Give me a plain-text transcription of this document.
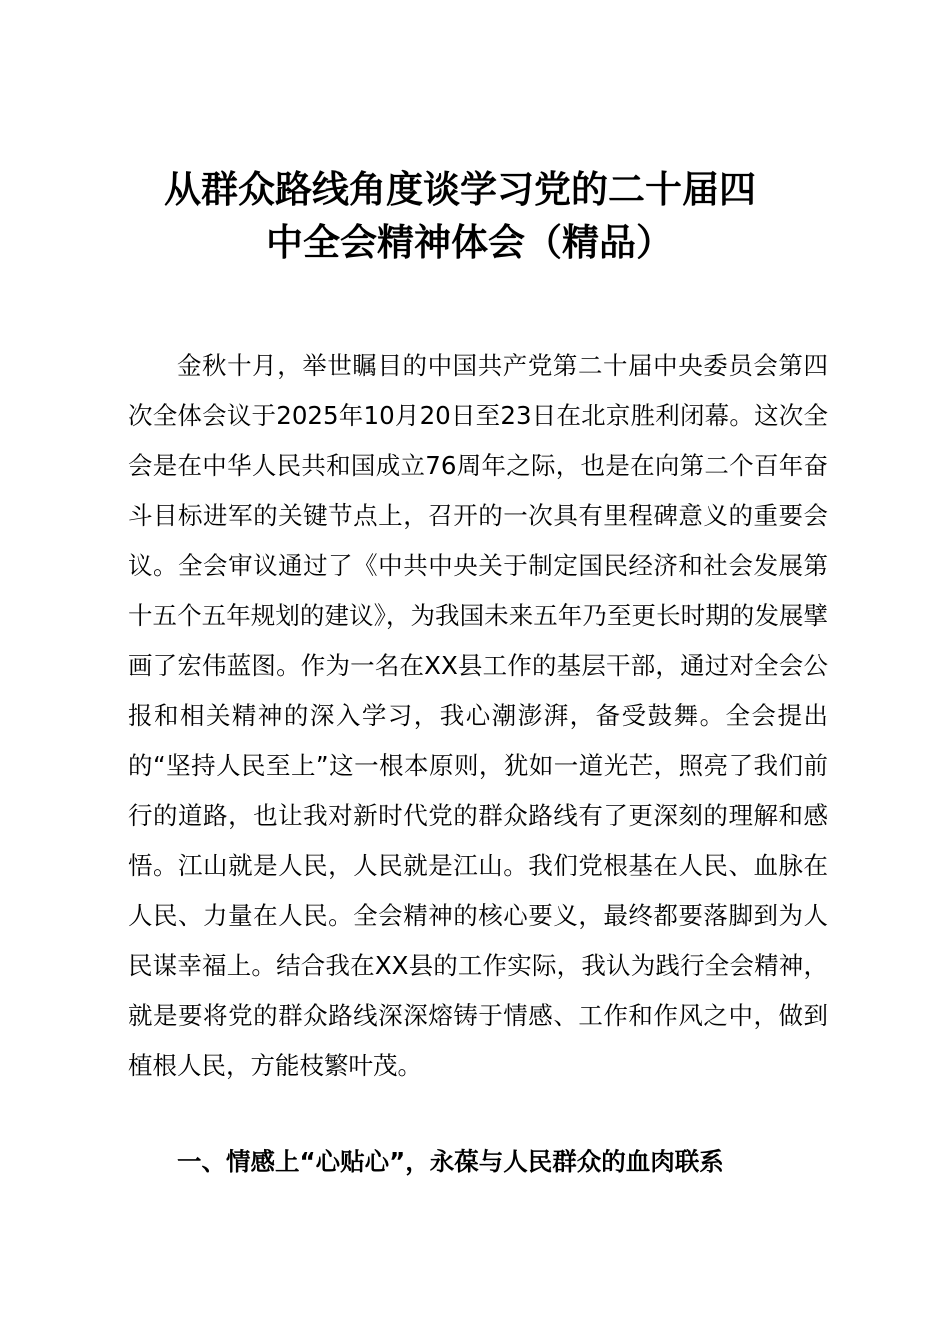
从群众路线角度谈学习党的二十届四
中全会精神体会（精品）

金秋十月，举世瞩目的中国共产党第二十届中央委员会第四次全体会议于2025年10月20日至23日在北京胜利闭幕。这次全会是在中华人民共和国成立76周年之际，也是在向第二个百年奋斗目标进军的关键节点上，召开的一次具有里程碑意义的重要会议。全会审议通过了《中共中央关于制定国民经济和社会发展第十五个五年规划的建议》，为我国未来五年乃至更长时期的发展擘画了宏伟蓝图。作为一名在XX县工作的基层干部，通过对全会公报和相关精神的深入学习，我心潮澎湃，备受鼓舞。全会提出的“坚持人民至上”这一根本原则，犹如一道光芒，照亮了我们前行的道路，也让我对新时代党的群众路线有了更深刻的理解和感悟。江山就是人民，人民就是江山。我们党根基在人民、血脉在人民、力量在人民。全会精神的核心要义，最终都要落脚到为人民谋幸福上。结合我在XX县的工作实际，我认为践行全会精神，就是要将党的群众路线深深熔铸于情感、工作和作风之中，做到植根人民，方能枝繁叶茂。

一、情感上“心贴心”，永葆与人民群众的血肉联系
